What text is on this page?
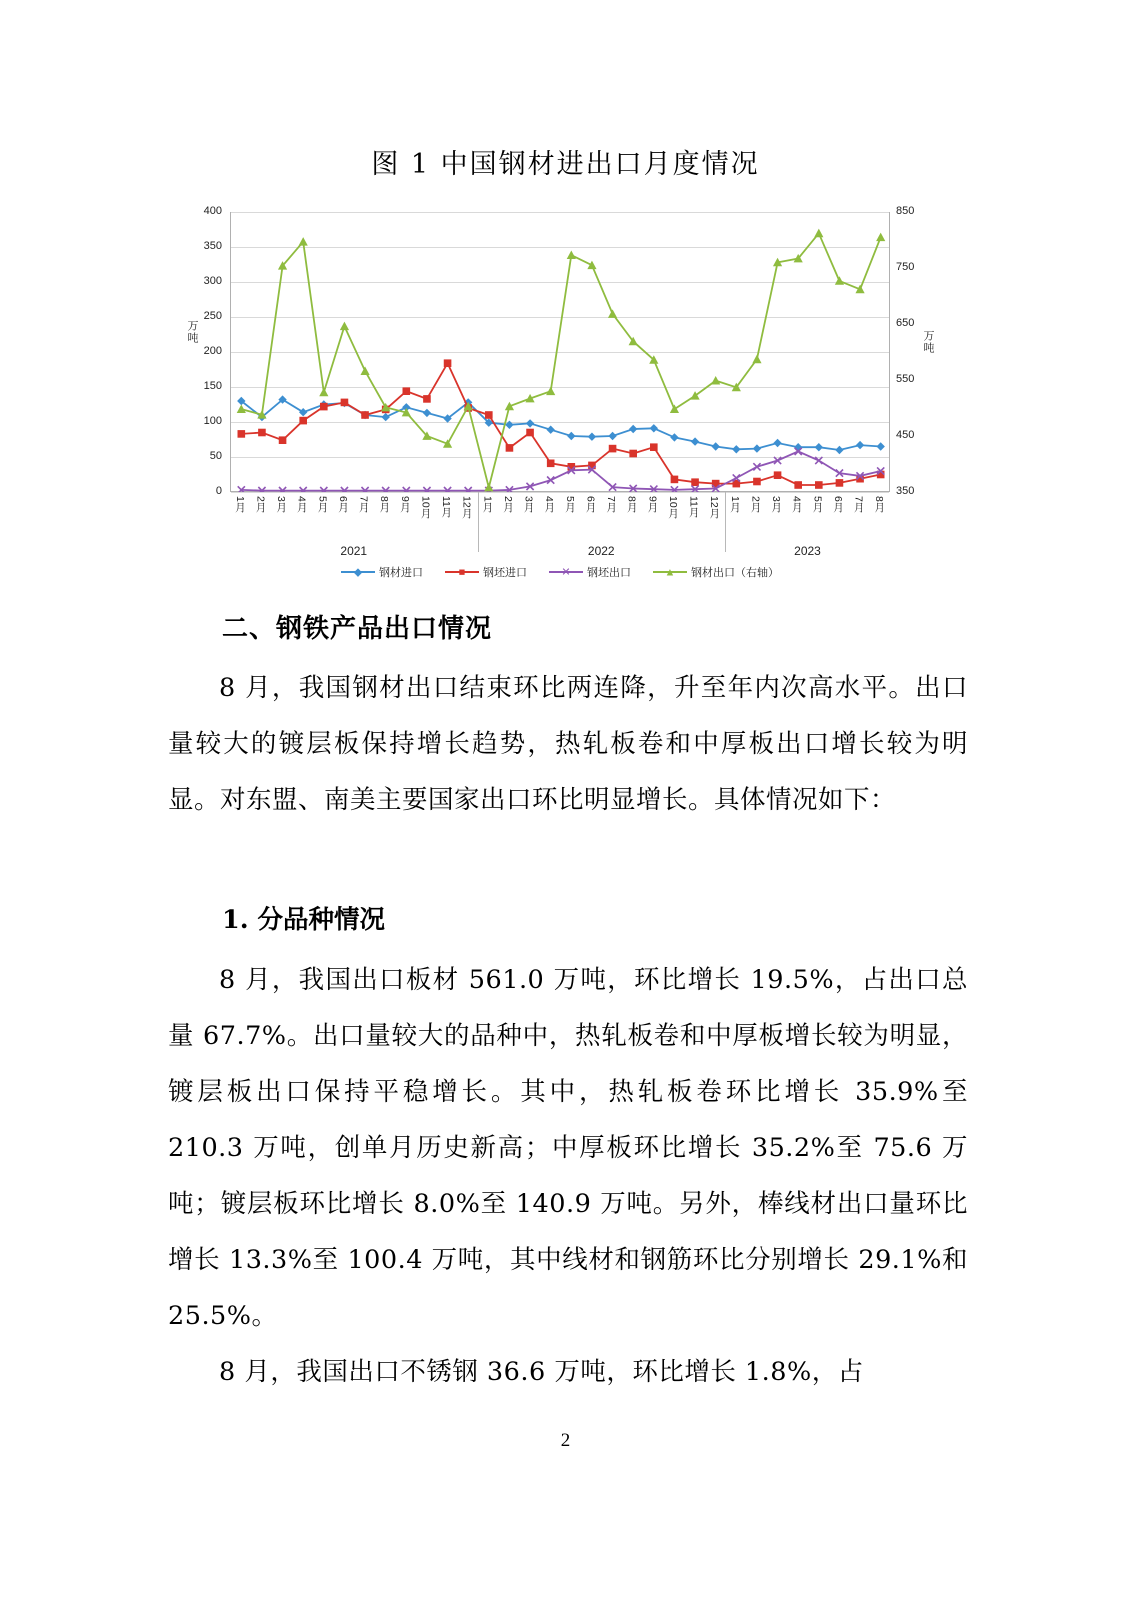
图 1 中国钢材进出口月度情况
万吨	万吨
1月 2月 3月 4月 5月 6月 7月 8月 9月 10月 11月 12月 1月 2月 3月 4月 5月 6月 7月 8月 9月 10月 11月 12月 1月 2月 3月 4月 5月 6月 7月 8月
2021	2022	2023
◆ 钢材进口	■ 钢坯进口	✕ 钢坯出口	▲ 钢材出口（右轴）
0
50
100
150
200
250
300
350
400
350
450
550
650
750
850
二、钢铁产品出口情况
8 月，我国钢材出口结束环比两连降，升至年内次高水平。出口量较大的镀层板保持增长趋势，热轧板卷和中厚板出口增长较为明显。对东盟、南美主要国家出口环比明显增长。具体情况如下：
1. 分品种情况
8 月，我国出口板材 561.0 万吨，环比增长 19.5%，占出口总量 67.7%。出口量较大的品种中，热轧板卷和中厚板增长较为明显，镀层板出口保持平稳增长。其中，热轧板卷环比增长 35.9%至 210.3 万吨，创单月历史新高；中厚板环比增长 35.2%至 75.6 万吨；镀层板环比增长 8.0%至 140.9 万吨。另外，棒线材出口量环比增长 13.3%至 100.4 万吨，其中线材和钢筋环比分别增长 29.1%和 25.5%。
8 月，我国出口不锈钢 36.6 万吨，环比增长 1.8%，占
2
